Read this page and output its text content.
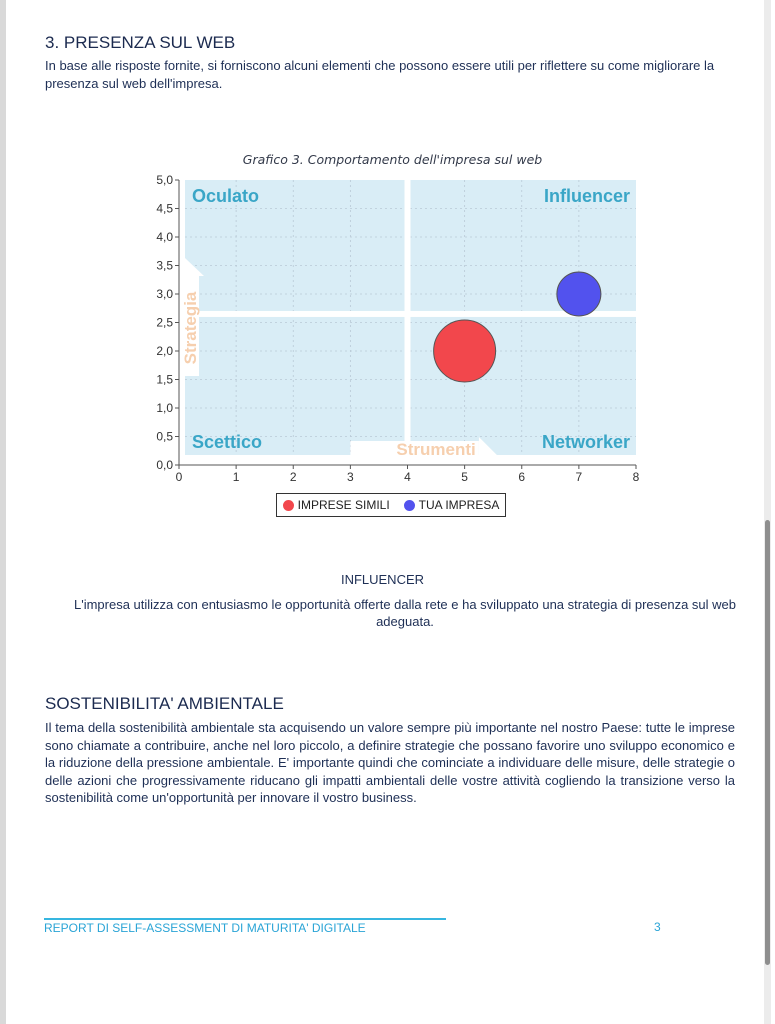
3. PRESENZA SUL WEB
In base alle risposte fornite, si forniscono alcuni elementi che possono essere utili per riflettere su come migliorare la presenza sul web dell'impresa.
Grafico 3. Comportamento dell'impresa sul web
0	1	2	3	4	5	6	7	8
0,0
0,5
1,0
1,5
2,0
2,5
3,0
3,5
4,0
4,5
5,0
Oculato	Influencer
Scettico	Networker
Strumenti
Strategia
IMPRESE SIMILI TUA IMPRESA
INFLUENCER
L'impresa utilizza con entusiasmo le opportunità offerte dalla rete e ha sviluppato una strategia di presenza sul web adeguata.
SOSTENIBILITA' AMBIENTALE
Il tema della sostenibilità ambientale sta acquisendo un valore sempre più importante nel nostro Paese: tutte le imprese sono chiamate a contribuire, anche nel loro piccolo, a definire strategie che possano favorire uno sviluppo economico e la riduzione della pressione ambientale. E' importante quindi che cominciate a individuare delle misure, delle strategie o delle azioni che progressivamente riducano gli impatti ambientali delle vostre attività cogliendo la transizione verso la sostenibilità come un'opportunità per innovare il vostro business.
REPORT DI SELF-ASSESSMENT DI MATURITA' DIGITALE	3
